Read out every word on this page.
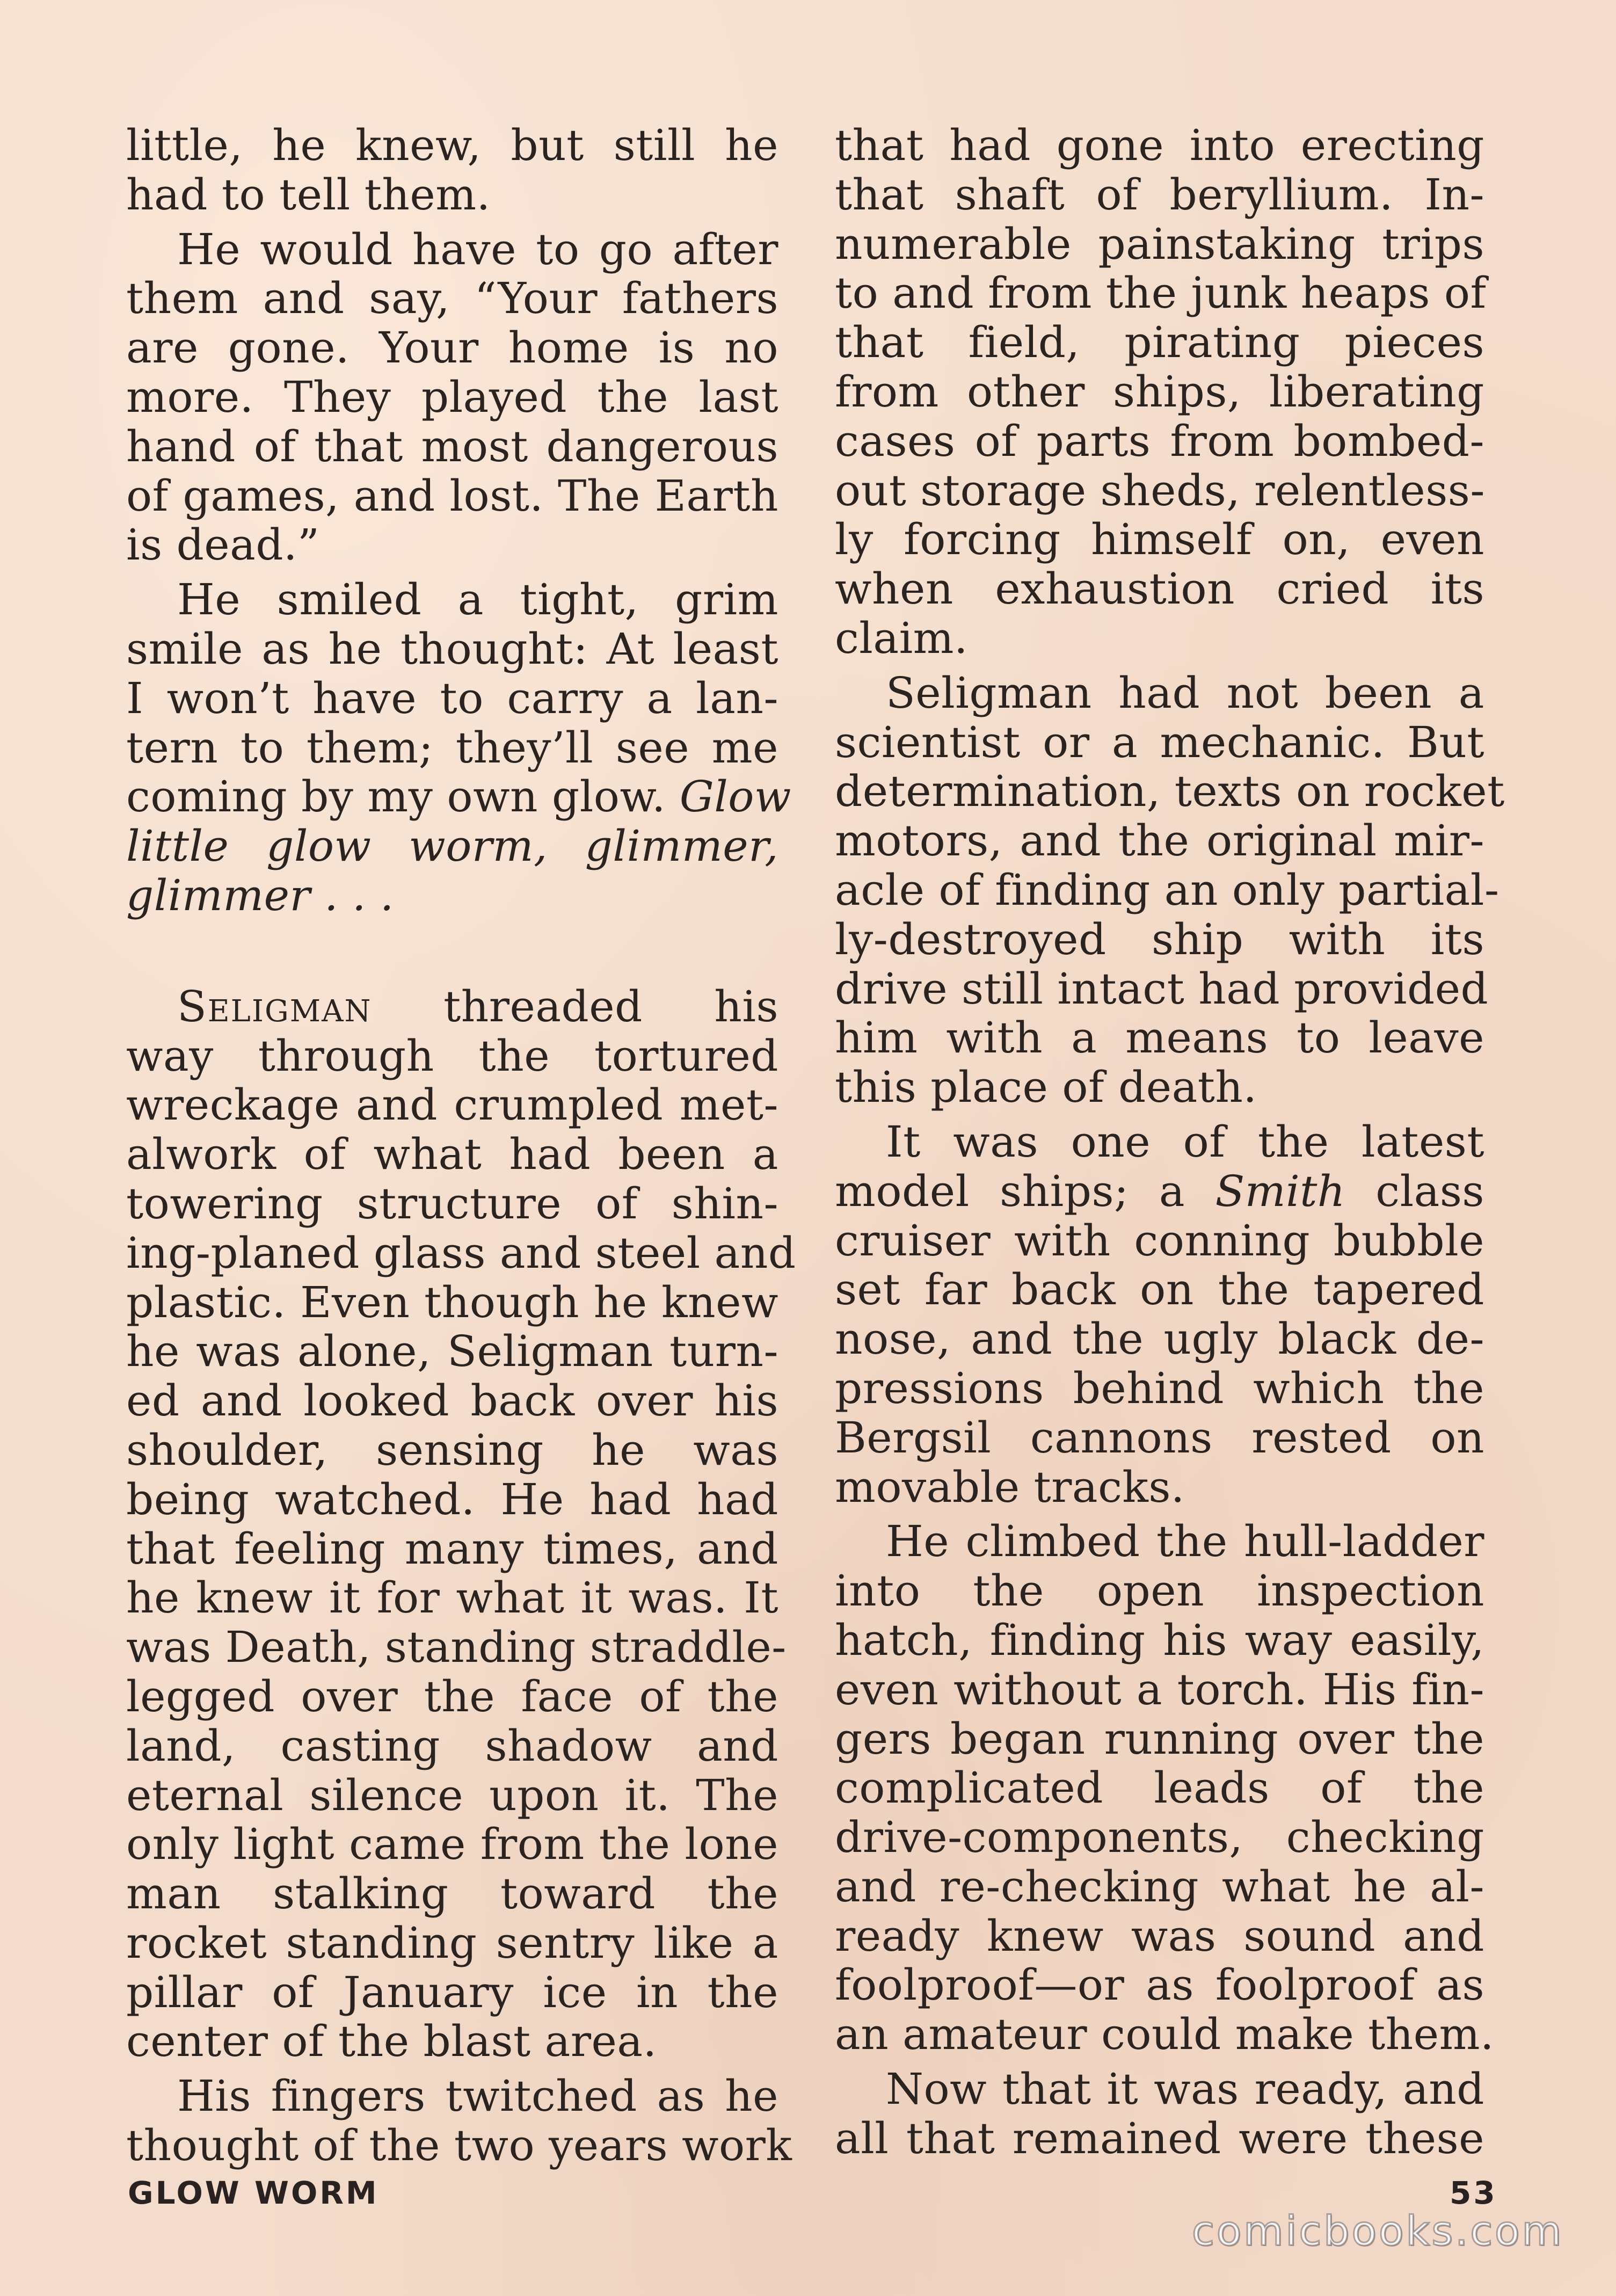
little, he knew, but still he
had to tell them.

He would have to go after
them and say, “Your fathers
are gone. Your home is no
more. They played the last
hand of that most dangerous
of games, and lost. The Earth
is dead.”

He smiled a tight, grim
smile as he thought: At least
I won’t have to carry a lan-
tern to them; they’ll see me
coming by my own glow. Glow
little glow worm, glimmer,
glimmer . . .

Seligman threaded his
way through the tortured
wreckage and crumpled met-
alwork of what had been a
towering structure of shin-
ing-planed glass and steel and
plastic. Even though he knew
he was alone, Seligman turn-
ed and looked back over his
shoulder, sensing he was
being watched. He had had
that feeling many times, and
he knew it for what it was. It
was Death, standing straddle-
legged over the face of the
land, casting shadow and
eternal silence upon it. The
only light came from the lone
man stalking toward the
rocket standing sentry like a
pillar of January ice in the
center of the blast area.

His fingers twitched as he
thought of the two years work

that had gone into erecting
that shaft of beryllium. In-
numerable painstaking trips
to and from the junk heaps of
that field, pirating pieces
from other ships, liberating
cases of parts from bombed-
out storage sheds, relentless-
ly forcing himself on, even
when exhaustion cried its
claim.

Seligman had not been a
scientist or a mechanic. But
determination, texts on rocket
motors, and the original mir-
acle of finding an only partial-
ly-destroyed ship with its
drive still intact had provided
him with a means to leave
this place of death.

It was one of the latest
model ships; a Smith class
cruiser with conning bubble
set far back on the tapered
nose, and the ugly black de-
pressions behind which the
Bergsil cannons rested on
movable tracks.

He climbed the hull-ladder
into the open inspection
hatch, finding his way easily,
even without a torch. His fin-
gers began running over the
complicated leads of the
drive-components, checking
and re-checking what he al-
ready knew was sound and
foolproof—or as foolproof as
an amateur could make them.

Now that it was ready, and
all that remained were these

GLOW WORM	53
comicbooks.com
